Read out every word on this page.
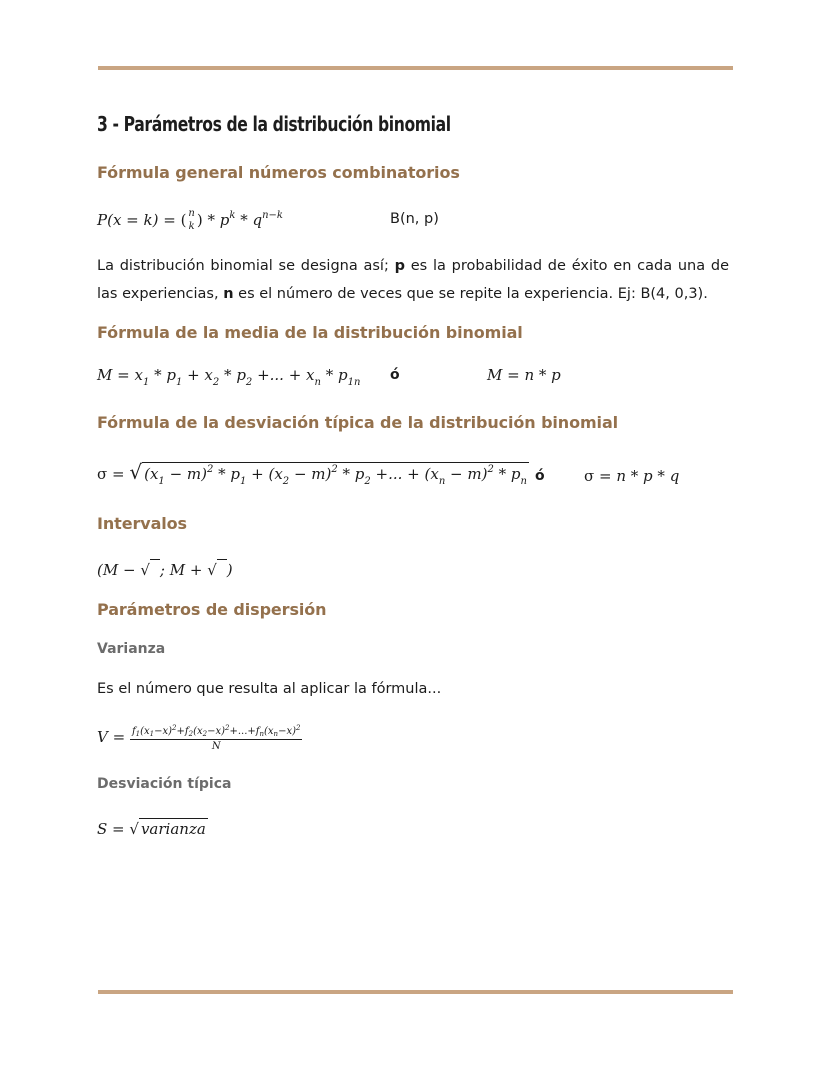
3 - Parámetros de la distribución binomial
Fórmula general números combinatorios
P(x = k) = ( n
k ) * $p^k * q^{n-k}$	B(n, p)
La distribución binomial se designa así; p es la probabilidad de éxito en cada una de las experiencias, n es el número de veces que se repite la experiencia. Ej: B(4, 0,3).
Fórmula de la media de la distribución binomial
$M = x_1 * p_1 + x_2 * p_2$ +... + $x_n * p_{1n}$ ó	M = n * p
Fórmula de la desviación típica de la distribución binomial
σ = √ $(x_1 - m)^2 * p_1 + (x_2 - m)^2 * p_2$ +... + $(x_n - m)^2 * p_n$ ó	σ = n * p * q
Intervalos
(M − √ ; M + √ )
Parámetros de dispersión
Varianza
Es el número que resulta al aplicar la fórmula...
$V = \frac{f_1(x_1-x)^2+f_2(x_2-x)^2+...+f_n(x_n-x)^2}{N}$
Desviación típica
S = √ varianza
